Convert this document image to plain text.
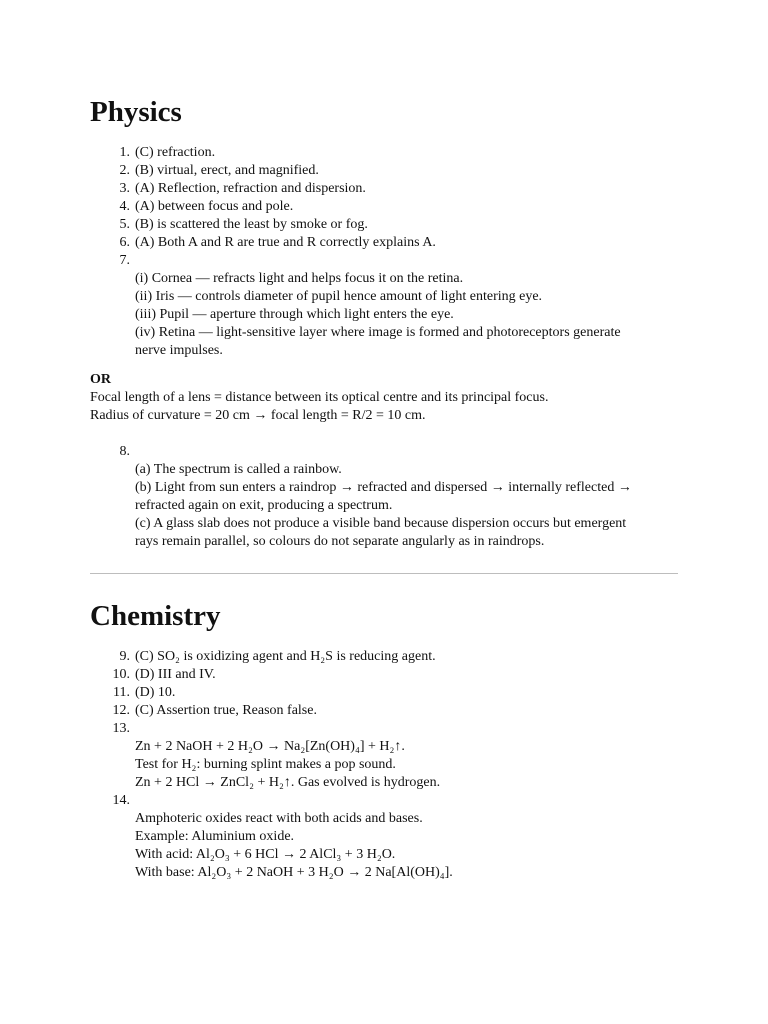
Physics
1. (C) refraction.
2. (B) virtual, erect, and magnified.
3. (A) Reflection, refraction and dispersion.
4. (A) between focus and pole.
5. (B) is scattered the least by smoke or fog.
6. (A) Both A and R are true and R correctly explains A.
7.
(i) Cornea — refracts light and helps focus it on the retina.
(ii) Iris — controls diameter of pupil hence amount of light entering eye.
(iii) Pupil — aperture through which light enters the eye.
(iv) Retina — light-sensitive layer where image is formed and photoreceptors generate
nerve impulses.
OR
Focal length of a lens = distance between its optical centre and its principal focus.
Radius of curvature = 20 cm → focal length = R/2 = 10 cm.
8.
(a) The spectrum is called a rainbow.
(b) Light from sun enters a raindrop → refracted and dispersed → internally reflected →
refracted again on exit, producing a spectrum.
(c) A glass slab does not produce a visible band because dispersion occurs but emergent
rays remain parallel, so colours do not separate angularly as in raindrops.
Chemistry
9. (C) SO₂ is oxidizing agent and H₂S is reducing agent.
10. (D) III and IV.
11. (D) 10.
12. (C) Assertion true, Reason false.
13.
Zn + 2 NaOH + 2 H₂O → Na₂[Zn(OH)₄] + H₂↑.
Test for H₂: burning splint makes a pop sound.
Zn + 2 HCl → ZnCl₂ + H₂↑. Gas evolved is hydrogen.
14.
Amphoteric oxides react with both acids and bases.
Example: Aluminium oxide.
With acid: Al₂O₃ + 6 HCl → 2 AlCl₃ + 3 H₂O.
With base: Al₂O₃ + 2 NaOH + 3 H₂O → 2 Na[Al(OH)₄].
